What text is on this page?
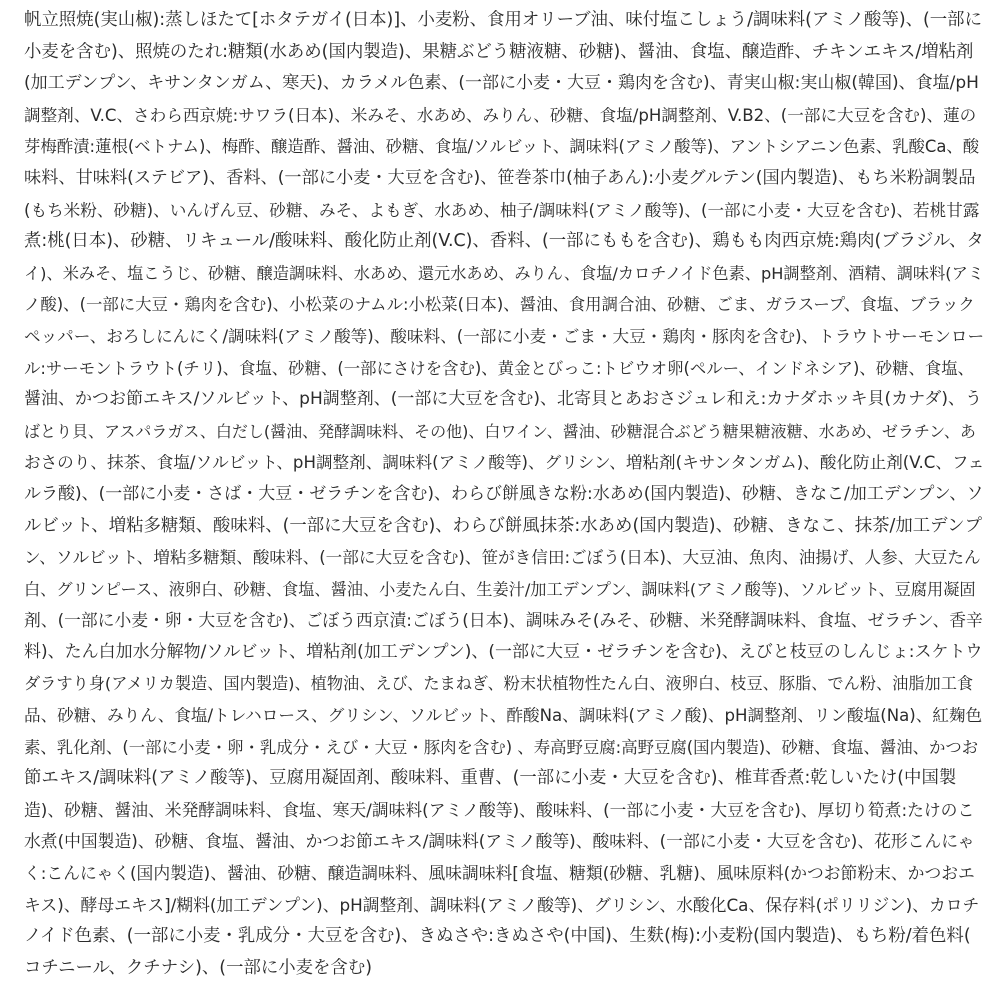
帆立照焼(実山椒):蒸しほたて[ホタテガイ(日本)]、小麦粉、食用オリーブ油、味付塩こしょう/調味料(アミノ酸等)、(一部に
小麦を含む)、照焼のたれ:糖類(水あめ(国内製造)、果糖ぶどう糖液糖、砂糖)、醤油、食塩、醸造酢、チキンエキス/増粘剤
(加工デンプン、キサンタンガム、寒天)、カラメル色素、(一部に小麦・大豆・鶏肉を含む)、青実山椒:実山椒(韓国)、食塩/pH
調整剤、V.C、さわら西京焼:サワラ(日本)、米みそ、水あめ、みりん、砂糖、食塩/pH調整剤、V.B2、(一部に大豆を含む)、蓮の
芽梅酢漬:蓮根(ベトナム)、梅酢、醸造酢、醤油、砂糖、食塩/ソルビット、調味料(アミノ酸等)、アントシアニン色素、乳酸Ca、酸
味料、甘味料(ステビア)、香料、(一部に小麦・大豆を含む)、笹巻茶巾(柚子あん):小麦グルテン(国内製造)、もち米粉調製品
(もち米粉、砂糖)、いんげん豆、砂糖、みそ、よもぎ、水あめ、柚子/調味料(アミノ酸等)、(一部に小麦・大豆を含む)、若桃甘露
煮:桃(日本)、砂糖、リキュール/酸味料、酸化防止剤(V.C)、香料、(一部にももを含む)、鶏もも肉西京焼:鶏肉(ブラジル、タ
イ)、米みそ、塩こうじ、砂糖、醸造調味料、水あめ、還元水あめ、みりん、食塩/カロチノイド色素、pH調整剤、酒精、調味料(アミ
ノ酸)、(一部に大豆・鶏肉を含む)、小松菜のナムル:小松菜(日本)、醤油、食用調合油、砂糖、ごま、ガラスープ、食塩、ブラック
ペッパー、おろしにんにく/調味料(アミノ酸等)、酸味料、(一部に小麦・ごま・大豆・鶏肉・豚肉を含む)、トラウトサーモンロー
ル:サーモントラウト(チリ)、食塩、砂糖、(一部にさけを含む)、黄金とびっこ:トビウオ卵(ペルー、インドネシア)、砂糖、食塩、
醤油、かつお節エキス/ソルビット、pH調整剤、(一部に大豆を含む)、北寄貝とあおさジュレ和え:カナダホッキ貝(カナダ)、う
ばとり貝、アスパラガス、白だし(醤油、発酵調味料、その他)、白ワイン、醤油、砂糖混合ぶどう糖果糖液糖、水あめ、ゼラチン、あ
おさのり、抹茶、食塩/ソルビット、pH調整剤、調味料(アミノ酸等)、グリシン、増粘剤(キサンタンガム)、酸化防止剤(V.C、フェ
ルラ酸)、(一部に小麦・さば・大豆・ゼラチンを含む)、わらび餅風きな粉:水あめ(国内製造)、砂糖、きなこ/加工デンプン、ソ
ルビット、増粘多糖類、酸味料、(一部に大豆を含む)、わらび餅風抹茶:水あめ(国内製造)、砂糖、きなこ、抹茶/加工デンプ
ン、ソルビット、増粘多糖類、酸味料、(一部に大豆を含む)、笹がき信田:ごぼう(日本)、大豆油、魚肉、油揚げ、人参、大豆たん
白、グリンピース、液卵白、砂糖、食塩、醤油、小麦たん白、生姜汁/加工デンプン、調味料(アミノ酸等)、ソルビット、豆腐用凝固
剤、(一部に小麦・卵・大豆を含む)、ごぼう西京漬:ごぼう(日本)、調味みそ(みそ、砂糖、米発酵調味料、食塩、ゼラチン、香辛
料)、たん白加水分解物/ソルビット、増粘剤(加工デンプン)、(一部に大豆・ゼラチンを含む)、えびと枝豆のしんじょ:スケトウ
ダラすり身(アメリカ製造、国内製造)、植物油、えび、たまねぎ、粉末状植物性たん白、液卵白、枝豆、豚脂、でん粉、油脂加工食
品、砂糖、みりん、食塩/トレハロース、グリシン、ソルビット、酢酸Na、調味料(アミノ酸)、pH調整剤、リン酸塩(Na)、紅麹色
素、乳化剤、(一部に小麦・卵・乳成分・えび・大豆・豚肉を含む) 、寿高野豆腐:高野豆腐(国内製造)、砂糖、食塩、醤油、かつお
節エキス/調味料(アミノ酸等)、豆腐用凝固剤、酸味料、重曹、(一部に小麦・大豆を含む)、椎茸香煮:乾しいたけ(中国製
造)、砂糖、醤油、米発酵調味料、食塩、寒天/調味料(アミノ酸等)、酸味料、(一部に小麦・大豆を含む)、厚切り筍煮:たけのこ
水煮(中国製造)、砂糖、食塩、醤油、かつお節エキス/調味料(アミノ酸等)、酸味料、(一部に小麦・大豆を含む)、花形こんにゃ
く:こんにゃく(国内製造)、醤油、砂糖、醸造調味料、風味調味料[食塩、糖類(砂糖、乳糖)、風味原料(かつお節粉末、かつおエ
キス)、酵母エキス]/糊料(加工デンプン)、pH調整剤、調味料(アミノ酸等)、グリシン、水酸化Ca、保存料(ポリリジン)、カロチ
ノイド色素、(一部に小麦・乳成分・大豆を含む)、きぬさや:きぬさや(中国)、生麩(梅):小麦粉(国内製造)、もち粉/着色料(
コチニール、クチナシ)、(一部に小麦を含む)
